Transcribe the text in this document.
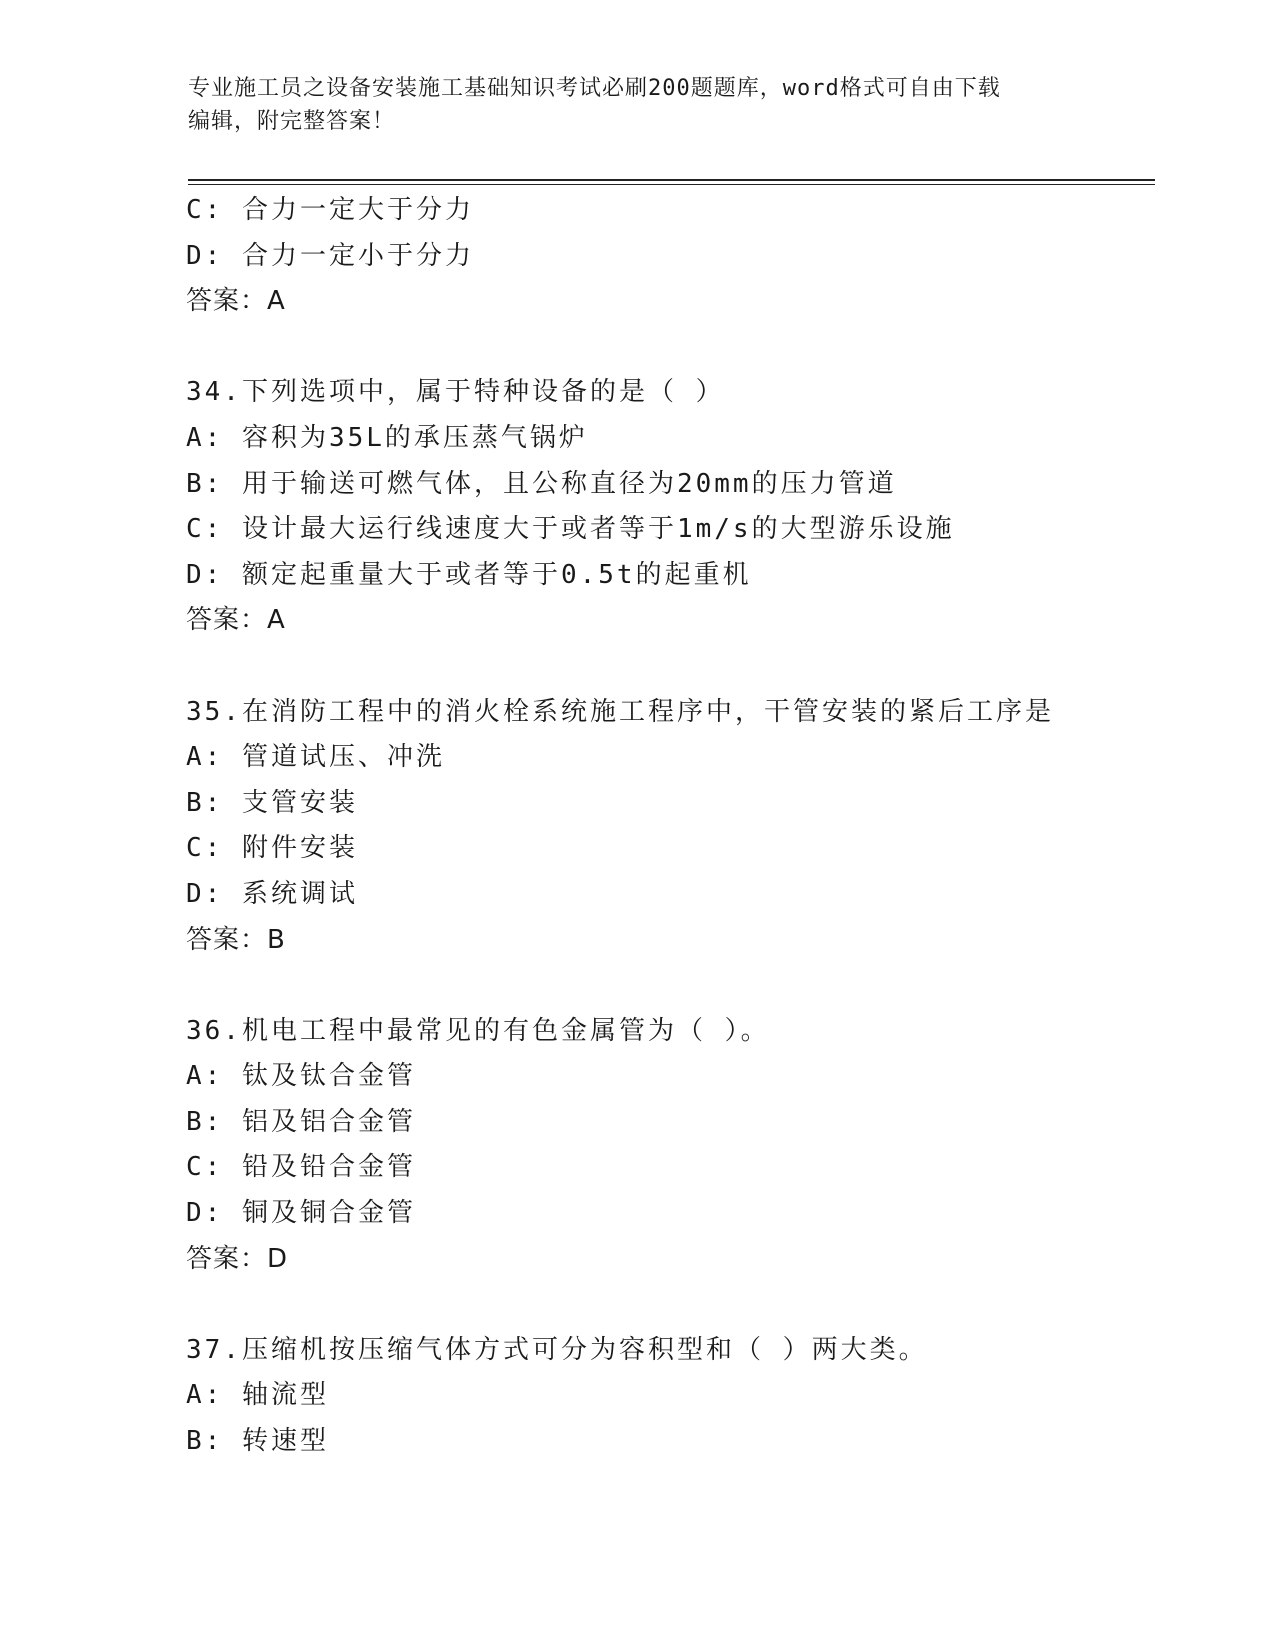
专业施工员之设备安装施工基础知识考试必刷200题题库，word格式可自由下载
编辑，附完整答案！
C: 合力一定大于分力
D: 合力一定小于分力
答案：A
34.下列选项中，属于特种设备的是（ ）
A: 容积为35L的承压蒸气锅炉
B: 用于输送可燃气体，且公称直径为20mm的压力管道
C: 设计最大运行线速度大于或者等于1m/s的大型游乐设施
D: 额定起重量大于或者等于0.5t的起重机
答案：A
35.在消防工程中的消火栓系统施工程序中，干管安装的紧后工序是
A: 管道试压、冲洗
B: 支管安装
C: 附件安装
D: 系统调试
答案：B
36.机电工程中最常见的有色金属管为（ ）。
A: 钛及钛合金管
B: 铝及铝合金管
C: 铅及铅合金管
D: 铜及铜合金管
答案：D
37.压缩机按压缩气体方式可分为容积型和（ ）两大类。
A: 轴流型
B: 转速型
